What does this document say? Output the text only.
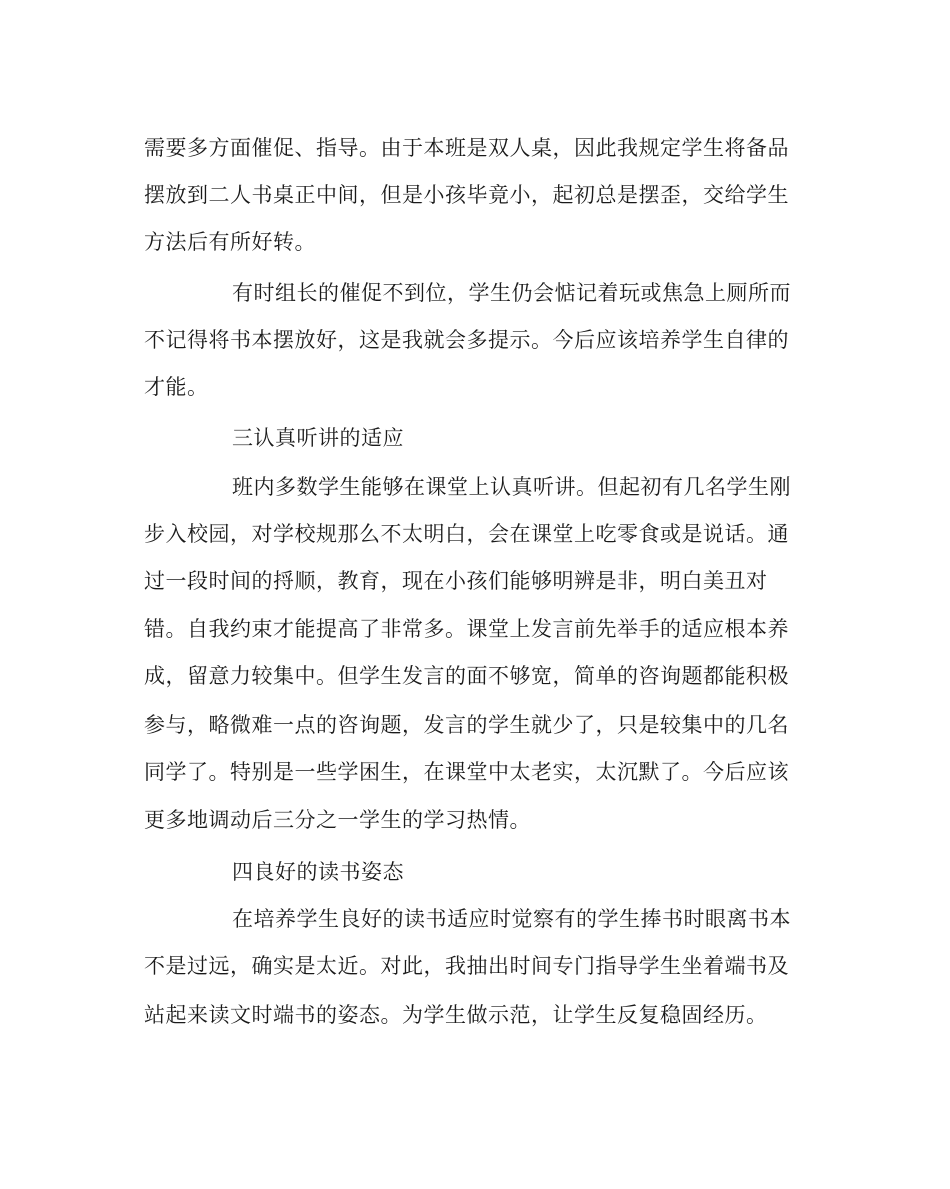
需要多方面催促、指导。由于本班是双人桌，因此我规定学生将备品
摆放到二人书桌正中间，但是小孩毕竟小，起初总是摆歪，交给学生
方法后有所好转。
有时组长的催促不到位，学生仍会惦记着玩或焦急上厕所而
不记得将书本摆放好，这是我就会多提示。今后应该培养学生自律的
才能。
三认真听讲的适应
班内多数学生能够在课堂上认真听讲。但起初有几名学生刚
步入校园，对学校规那么不太明白，会在课堂上吃零食或是说话。通
过一段时间的捋顺，教育，现在小孩们能够明辨是非，明白美丑对
错。自我约束才能提高了非常多。课堂上发言前先举手的适应根本养
成，留意力较集中。但学生发言的面不够宽，简单的咨询题都能积极
参与，略微难一点的咨询题，发言的学生就少了，只是较集中的几名
同学了。特别是一些学困生，在课堂中太老实，太沉默了。今后应该
更多地调动后三分之一学生的学习热情。
四良好的读书姿态
在培养学生良好的读书适应时觉察有的学生捧书时眼离书本
不是过远，确实是太近。对此，我抽出时间专门指导学生坐着端书及
站起来读文时端书的姿态。为学生做示范，让学生反复稳固经历。
